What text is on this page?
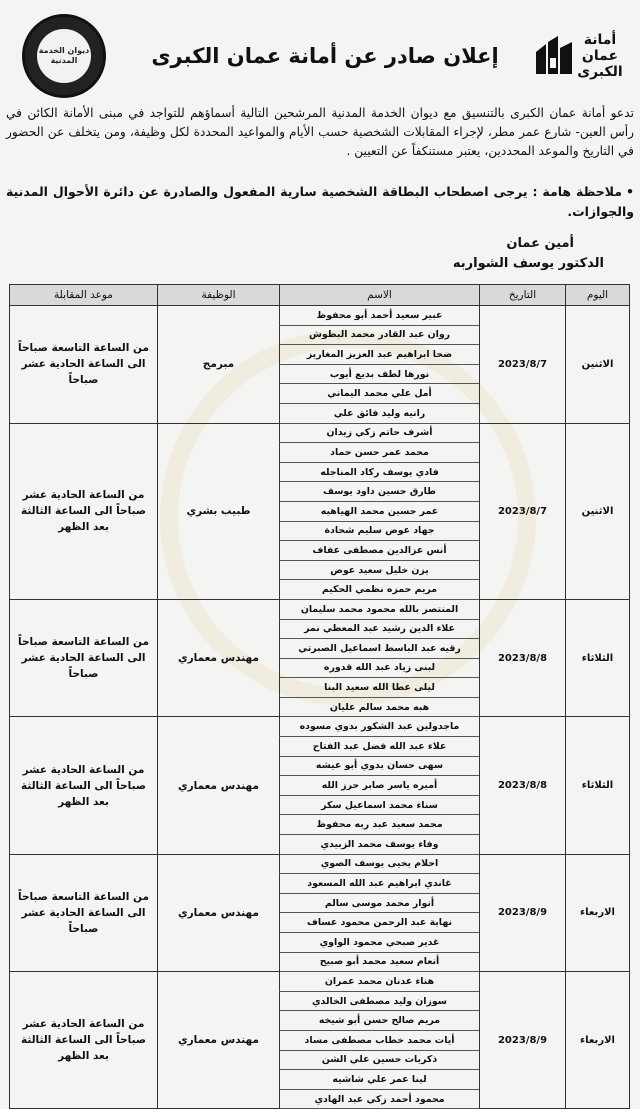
أمانة عمان الكبرى
إعلان صادر عن أمانة عمان الكبرى
ديوان الخدمة المدنية
تدعو أمانة عمان الكبرى بالتنسيق مع ديوان الخدمة المدنية المرشحين التالية أسماؤهم للتواجد في مبنى الأمانة الكائن في رأس العين- شارع عمر مطر، لإجراء المقابلات الشخصية حسب الأيام والمواعيد المحددة لكل وظيفة، ومن يتخلف عن الحضور في التاريخ والموعد المحددين، يعتبر مستنكفاً عن التعيين .
•ملاحظة هامة : يرجى اصطحاب البطاقة الشخصية سارية المفعول والصادرة عن دائرة الأحوال المدنية والجوازات.
أمين عمان
الدكتور يوسف الشواربه
اليوم	التاريخ	الاسم	الوظيفة	موعد المقابلة
الاثنين	2023/8/7	عبير سعيد أحمد أبو محفوظ	مبرمج	من الساعة التاسعة صباحاً الى الساعة الحادية عشر صباحاً
		روان عبد القادر محمد البطوش		
		ضحا ابراهيم عبد العزيز المغاريز		
		نورها لطف بديع أيوب		
		أمل علي محمد اليماني		
		رانيه وليد فائق علي		
الاثنين	2023/8/7	أشرف حاتم زكي زيدان	طبيب بشري	من الساعة الحادية عشر صباحاً الى الساعة الثالثة بعد الظهر
		محمد عمر حسن حماد		
		فادي يوسف ركاد المناجله		
		طارق حسين داود يوسف		
		عمر حسين محمد الهياهيه		
		جهاد عوض سليم شحادة		
		أنس عزالدين مصطفى عفاف		
		يزن خليل سعيد عوض		
		مريم حمزه نظمي الحكيم		
الثلاثاء	2023/8/8	المنتصر بالله محمود محمد سليمان	مهندس معماري	من الساعة التاسعة صباحاً الى الساعة الحادية عشر صباحاً
		علاء الدين رشيد عبد المعطي نمر		
		رقيه عبد الباسط اسماعيل الصبرتي		
		لبنى زياد عبد الله قدوره		
		ليلى عطا الله سعيد البنا		
		هبه محمد سالم عليان		
الثلاثاء	2023/8/8	ماجدولين عبد الشكور بدوي مسوده	مهندس معماري	من الساعة الحادية عشر صباحاً الى الساعة الثالثة بعد الظهر
		علاء عبد الله فضل عبد الفتاح		
		سهى حسان بدوي أبو عيشه		
		أميره ياسر صابر حرز الله		
		سناء محمد اسماعيل سكر		
		محمد سعيد عبد ربه محفوظ		
		وفاء يوسف محمد الزبيدي		
الاربعاء	2023/8/9	احلام يحيى يوسف الصوي	مهندس معماري	من الساعة التاسعة صباحاً الى الساعة الحادية عشر صباحاً
		غاندي ابراهيم عبد الله المسعود		
		أنوار محمد موسى سالم		
		نهاية عبد الرحمن محمود عساف		
		غدير صبحي محمود الواوي		
		أنعام سعيد محمد أبو صبيح		
الاربعاء	2023/8/9	هناء عدنان محمد عمران	مهندس معماري	من الساعة الحادية عشر صباحاً الى الساعة الثالثة بعد الظهر
		سوزان وليد مصطفى الخالدي		
		مريم صالح حسن أبو شيخه		
		أيات محمد خطاب مصطفى مساد		
		ذكريات حسين علي الشن		
		لينا عمر علي شاشيه		
		محمود أحمد زكي عبد الهادي		
